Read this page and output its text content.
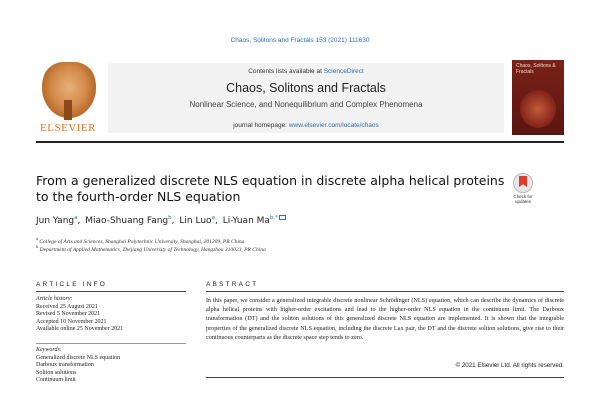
Chaos, Solitons and Fractals 153 (2021) 111630
ELSEVIER
Contents lists available at ScienceDirect
Chaos, Solitons and Fractals
Nonlinear Science, and Nonequilibrium and Complex Phenomena
journal homepage: www.elsevier.com/locate/chaos
Chaos, Solitons & Fractals
From a generalized discrete NLS equation in discrete alpha helical proteins to the fourth-order NLS equation	Check for updates
Jun Yang$^a$, Miao-Shuang Fang$^b$, Lin Luo$^a$, Li-Yuan $Ma^{b,*}$
$^a$ College of Arts and Sciences, Shanghai Polytechnic University, Shanghai, 201209, PR China
$^b$ Department of Applied Mathematics, Zhejiang University of Technology, Hangzhou 310023, PR China
ARTICLE INFO
Article history:
Received 25 August 2021
Revised 5 November 2021
Accepted 10 November 2021
Available online 25 November 2021
Keywords:
Generalized discrete NLS equation
Darboux transformation
Soliton solutions
Continuum limit
ABSTRACT
In this paper, we consider a generalized integrable discrete nonlinear Schrödinger (NLS) equation, which can describe the dynamics of discrete alpha helical proteins with higher-order excitations and lead to the higher-order NLS equation in the continuum limit. The Darboux transformation (DT) and the soliton solutions of this generalized discrete NLS equation are implemented. It is shown that the integrable properties of the generalized discrete NLS equation, including the discrete Lax pair, the DT and the discrete soliton solutions, give rise to their continuous counterparts as the discrete space step tends to zero.
© 2021 Elsevier Ltd. All rights reserved.
